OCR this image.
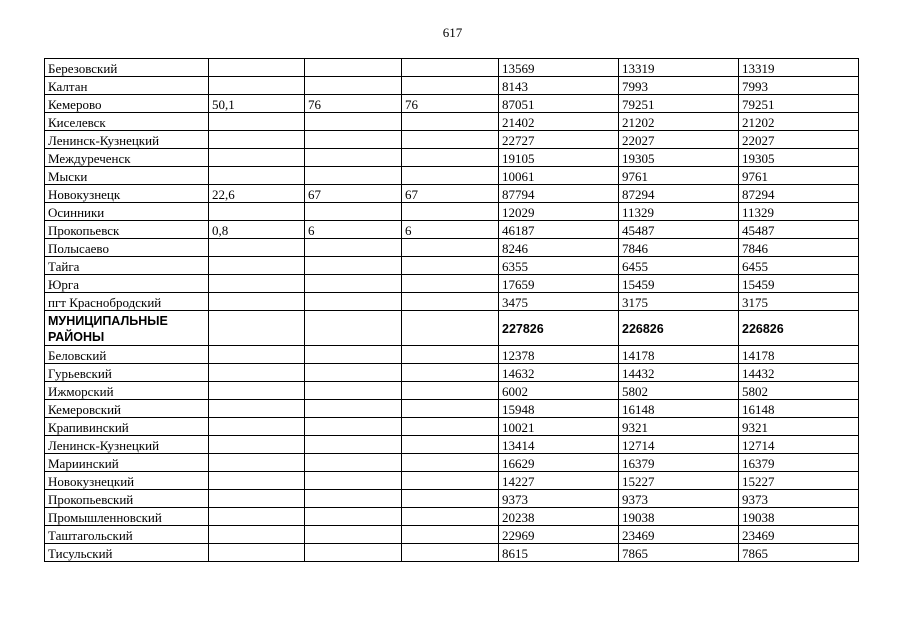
617
Березовский				13569	13319	13319
Калтан				8143	7993	7993
Кемерово	50,1	76	76	87051	79251	79251
Киселевск				21402	21202	21202
Ленинск-Кузнецкий				22727	22027	22027
Междуреченск				19105	19305	19305
Мыски				10061	9761	9761
Новокузнецк	22,6	67	67	87794	87294	87294
Осинники				12029	11329	11329
Прокопьевск	0,8	6	6	46187	45487	45487
Полысаево				8246	7846	7846
Тайга				6355	6455	6455
Юрга				17659	15459	15459
пгт Краснобродский				3475	3175	3175
МУНИЦИПАЛЬНЫЕ РАЙОНЫ				227826	226826	226826
Беловский				12378	14178	14178
Гурьевский				14632	14432	14432
Ижморский				6002	5802	5802
Кемеровский				15948	16148	16148
Крапивинский				10021	9321	9321
Ленинск-Кузнецкий				13414	12714	12714
Мариинский				16629	16379	16379
Новокузнецкий				14227	15227	15227
Прокопьевский				9373	9373	9373
Промышленновский				20238	19038	19038
Таштагольский				22969	23469	23469
Тисульский				8615	7865	7865
